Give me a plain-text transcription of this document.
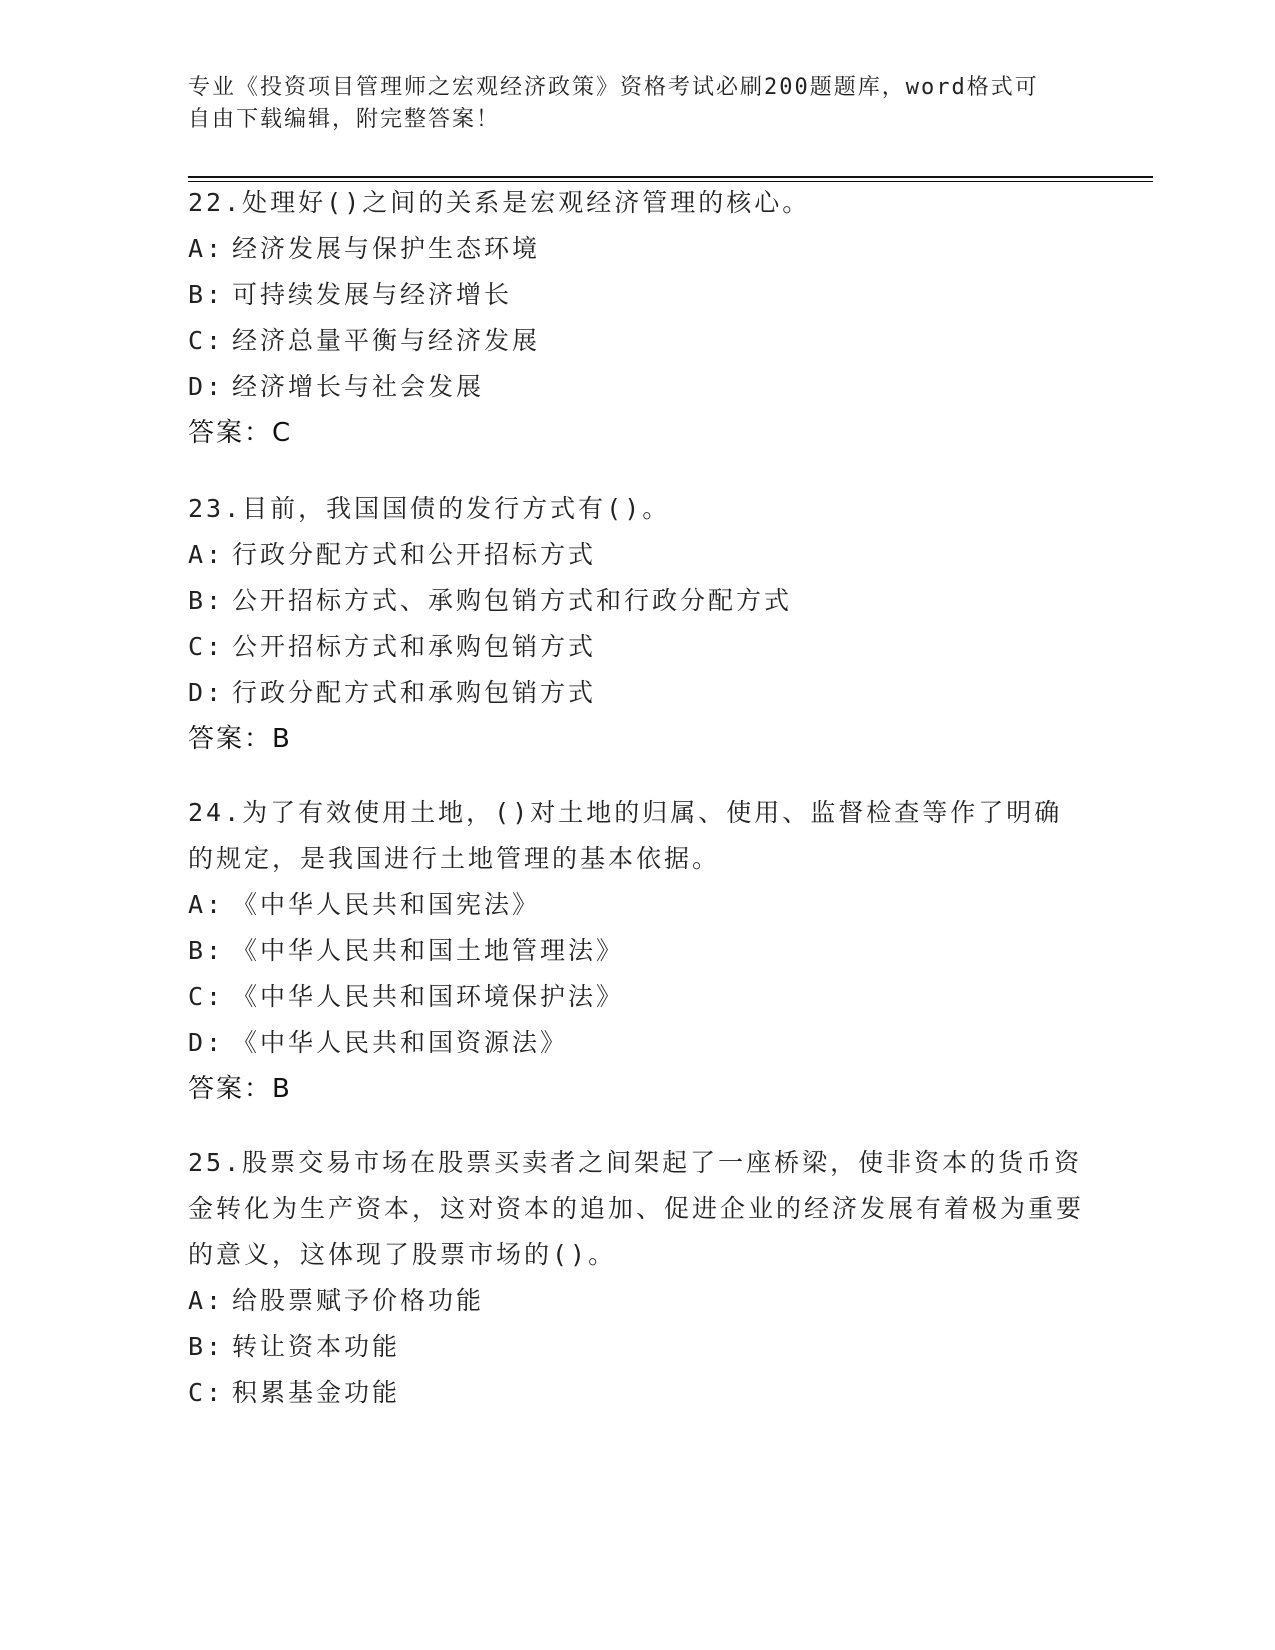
专业《投资项目管理师之宏观经济政策》资格考试必刷200题题库，word格式可
自由下载编辑，附完整答案！
22.处理好()之间的关系是宏观经济管理的核心。
A: 经济发展与保护生态环境
B: 可持续发展与经济增长
C: 经济总量平衡与经济发展
D: 经济增长与社会发展
答案：C
23.目前，我国国债的发行方式有()。
A: 行政分配方式和公开招标方式
B: 公开招标方式、承购包销方式和行政分配方式
C: 公开招标方式和承购包销方式
D: 行政分配方式和承购包销方式
答案：B
24.为了有效使用土地，()对土地的归属、使用、监督检查等作了明确的规定，是我国进行土地管理的基本依据。
A: 《中华人民共和国宪法》
B: 《中华人民共和国土地管理法》
C: 《中华人民共和国环境保护法》
D: 《中华人民共和国资源法》
答案：B
25.股票交易市场在股票买卖者之间架起了一座桥梁，使非资本的货币资金转化为生产资本，这对资本的追加、促进企业的经济发展有着极为重要的意义，这体现了股票市场的()。
A: 给股票赋予价格功能
B: 转让资本功能
C: 积累基金功能
